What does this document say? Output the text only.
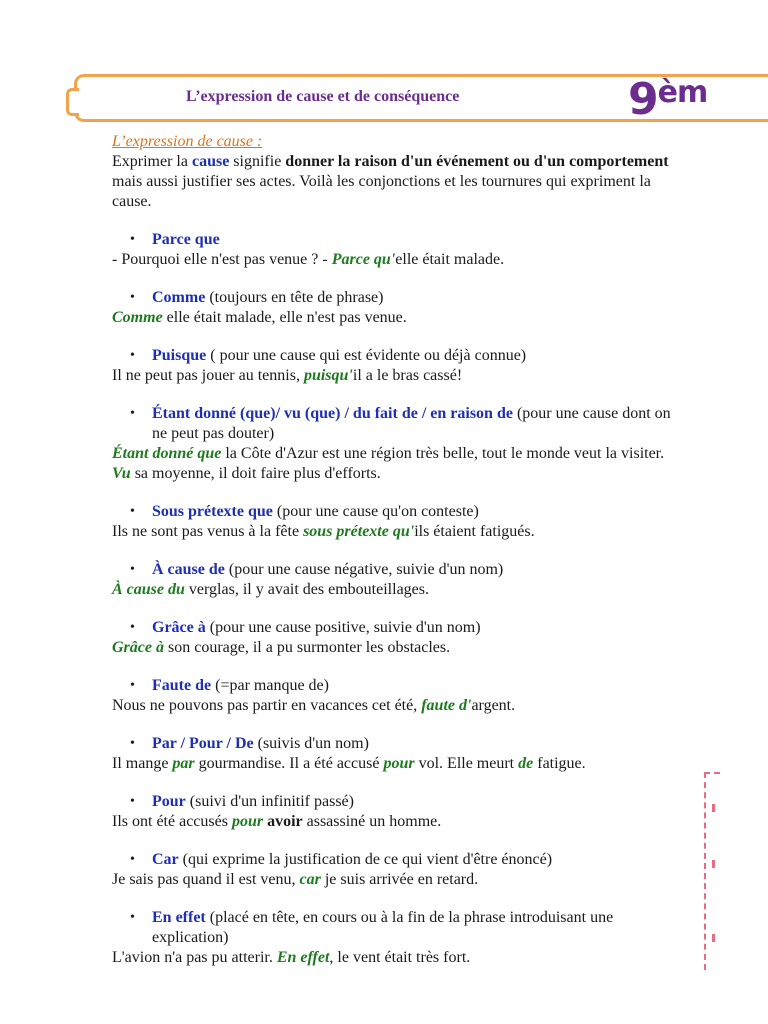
L’expression de cause et de conséquence	$9^{èm}$
L’expression de cause :

Exprimer la cause signifie donner la raison d'un événement ou d'un comportement mais aussi justifier ses actes. Voilà les conjonctions et les tournures qui expriment la cause.

• Parce que

- Pourquoi elle n'est pas venue ? - Parce qu'elle était malade.

• Comme (toujours en tête de phrase)

Comme elle était malade, elle n'est pas venue.

• Puisque ( pour une cause qui est évidente ou déjà connue)

Il ne peut pas jouer au tennis, puisqu'il a le bras cassé!

• Étant donné (que)/ vu (que) / du fait de / en raison de (pour une cause dont on ne peut pas douter)

Étant donné que la Côte d'Azur est une région très belle, tout le monde veut la visiter.

Vu sa moyenne, il doit faire plus d'efforts.

• Sous prétexte que (pour une cause qu'on conteste)

Ils ne sont pas venus à la fête sous prétexte qu'ils étaient fatigués.

• À cause de (pour une cause négative, suivie d'un nom)

À cause du verglas, il y avait des embouteillages.

• Grâce à (pour une cause positive, suivie d'un nom)

Grâce à son courage, il a pu surmonter les obstacles.

• Faute de (=par manque de)

Nous ne pouvons pas partir en vacances cet été, faute d'argent.

• Par / Pour / De (suivis d'un nom)

Il mange par gourmandise. Il a été accusé pour vol. Elle meurt de fatigue.

• Pour (suivi d'un infinitif passé)

Ils ont été accusés pour avoir assassiné un homme.

• Car (qui exprime la justification de ce qui vient d'être énoncé)

Je sais pas quand il est venu, car je suis arrivée en retard.

• En effet (placé en tête, en cours ou à la fin de la phrase introduisant une explication)

L'avion n'a pas pu atterir. En effet, le vent était très fort.
